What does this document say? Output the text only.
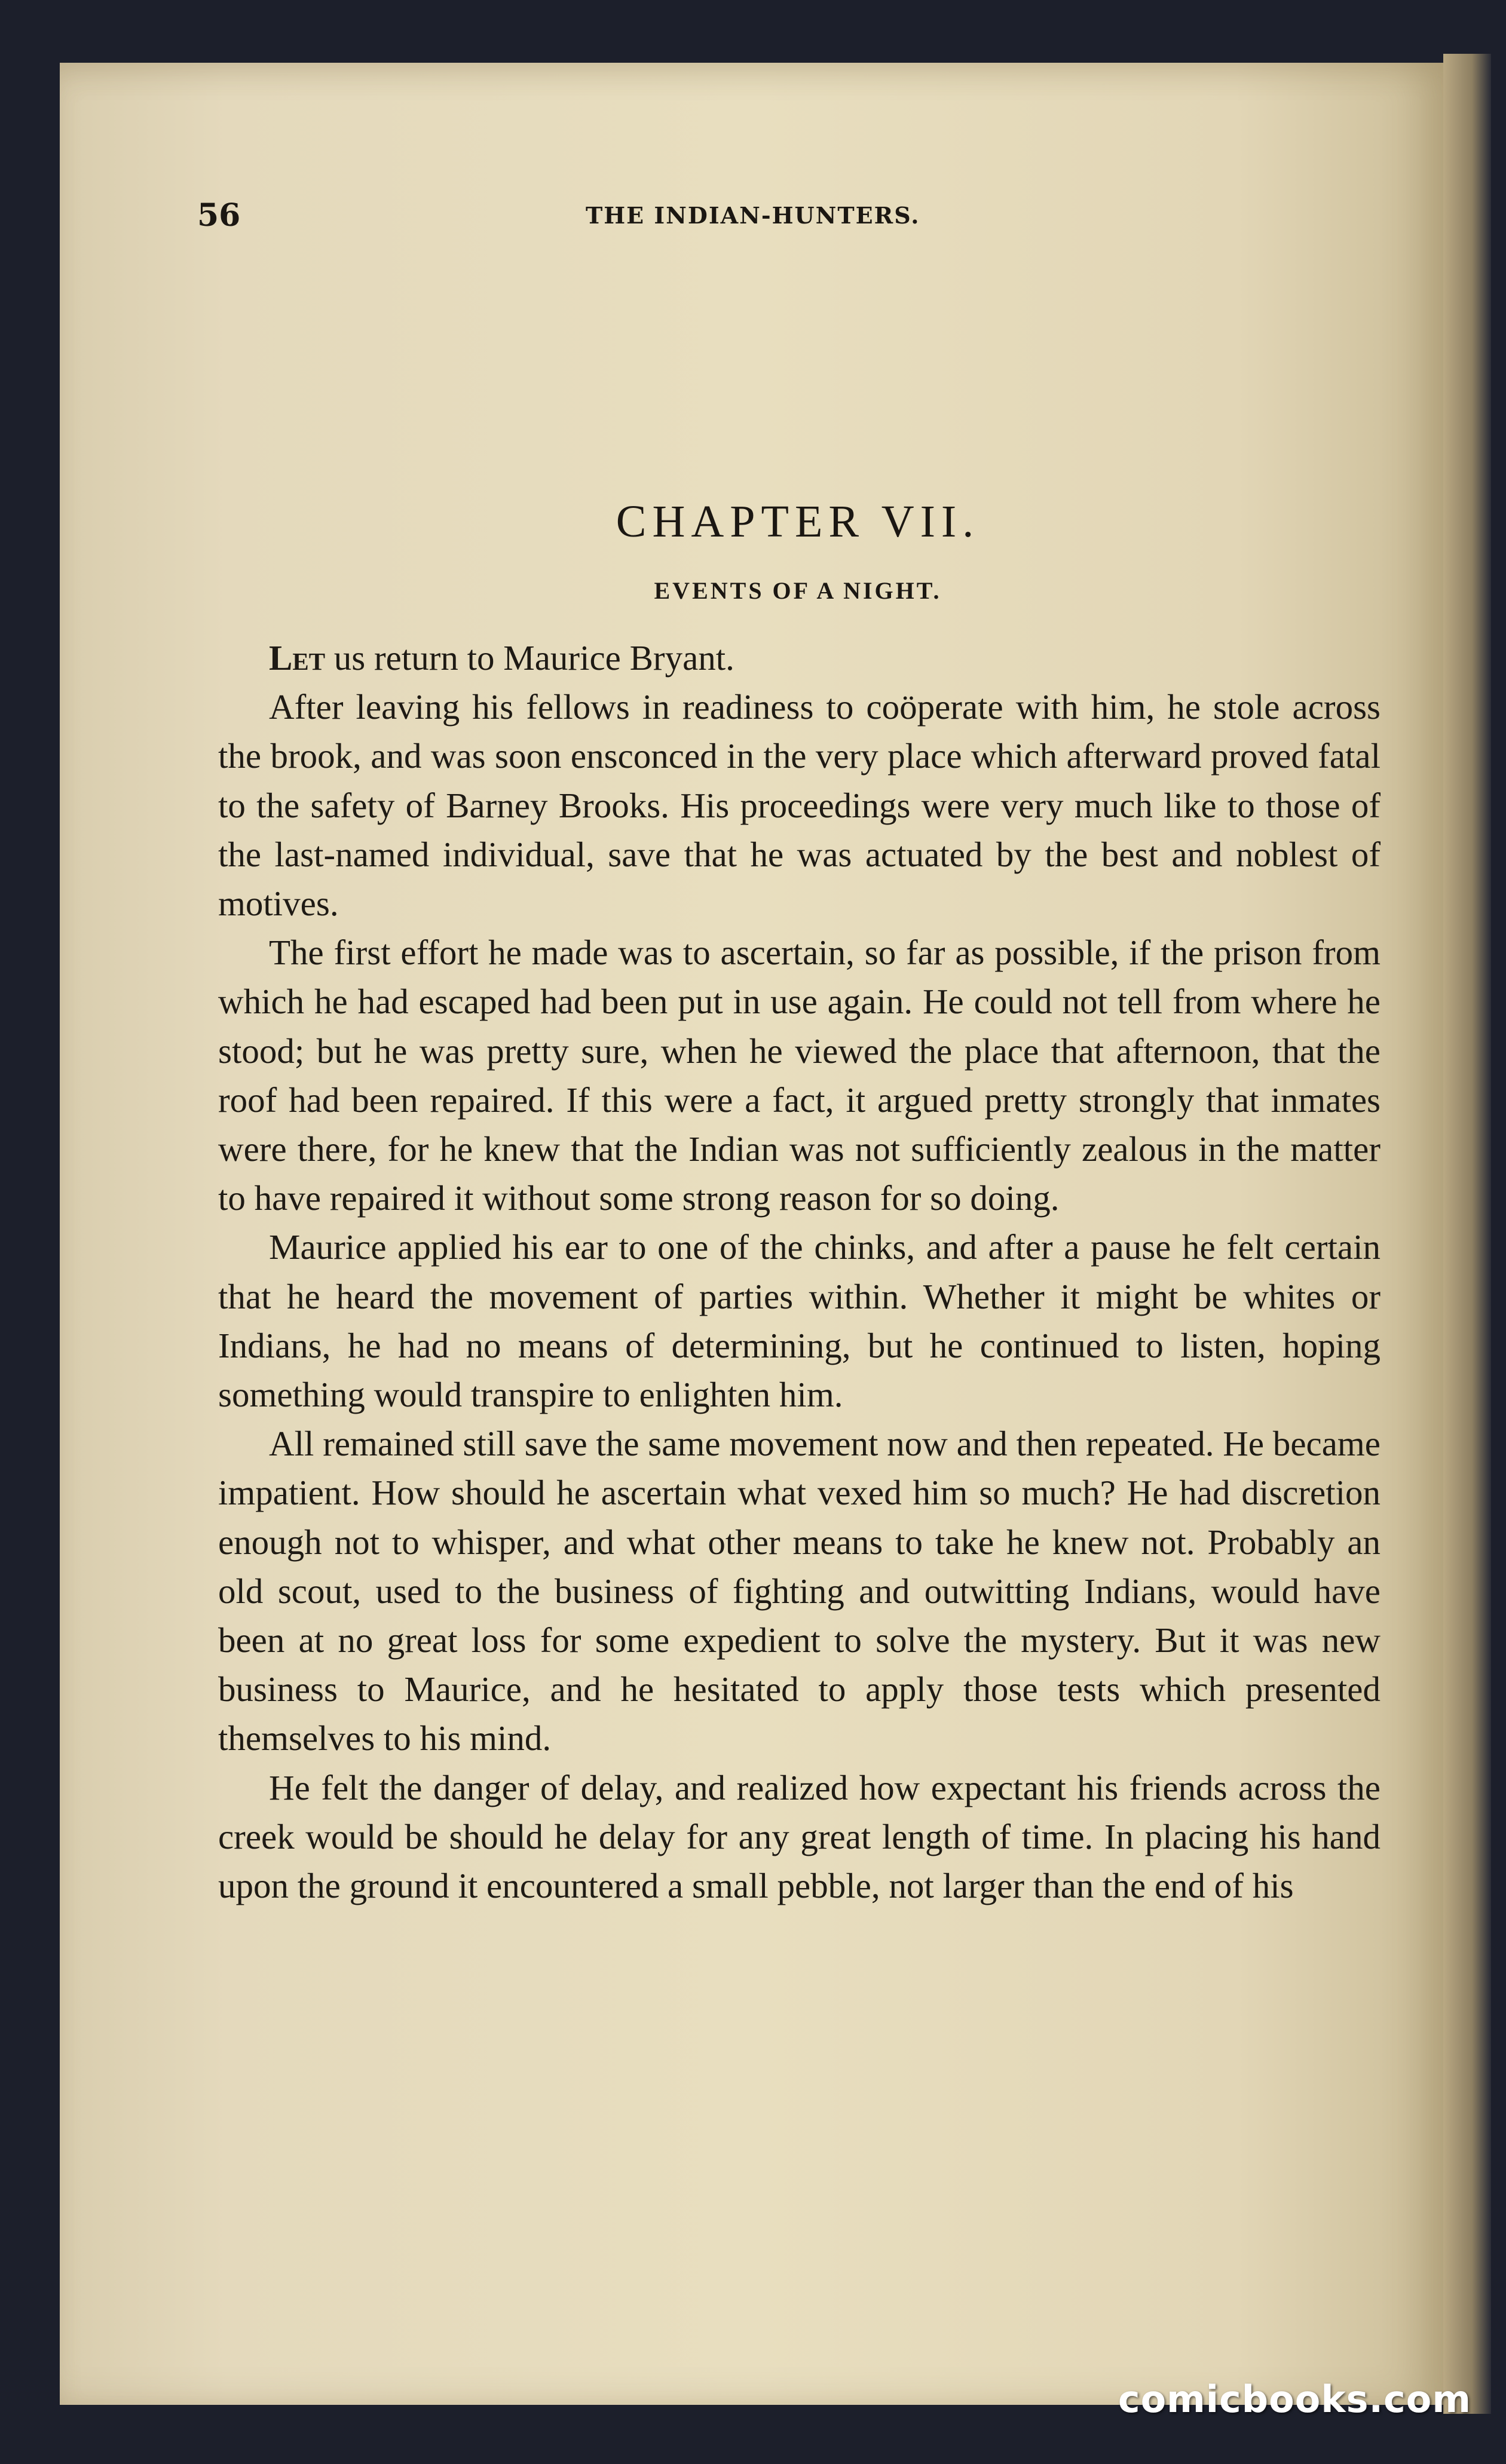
56	THE INDIAN-HUNTERS.
CHAPTER VII.
EVENTS OF A NIGHT.

Let us return to Maurice Bryant.

After leaving his fellows in readiness to coöperate with him, he stole across the brook, and was soon ensconced in the very place which afterward proved fatal to the safety of Barney Brooks. His proceedings were very much like to those of the last-named individual, save that he was actuated by the best and noblest of motives.

The first effort he made was to ascertain, so far as possible, if the prison from which he had escaped had been put in use again. He could not tell from where he stood; but he was pretty sure, when he viewed the place that afternoon, that the roof had been repaired. If this were a fact, it argued pretty strongly that inmates were there, for he knew that the Indian was not sufficiently zealous in the matter to have repaired it without some strong reason for so doing.

Maurice applied his ear to one of the chinks, and after a pause he felt certain that he heard the movement of parties within. Whether it might be whites or Indians, he had no means of determining, but he continued to listen, hoping something would transpire to enlighten him.

All remained still save the same movement now and then repeated. He became impatient. How should he ascertain what vexed him so much? He had discretion enough not to whisper, and what other means to take he knew not. Probably an old scout, used to the business of fighting and outwitting Indians, would have been at no great loss for some expedient to solve the mystery. But it was new business to Maurice, and he hesitated to apply those tests which presented themselves to his mind.

He felt the danger of delay, and realized how expectant his friends across the creek would be should he delay for any great length of time. In placing his hand upon the ground it encountered a small pebble, not larger than the end of his

comicbooks.com
